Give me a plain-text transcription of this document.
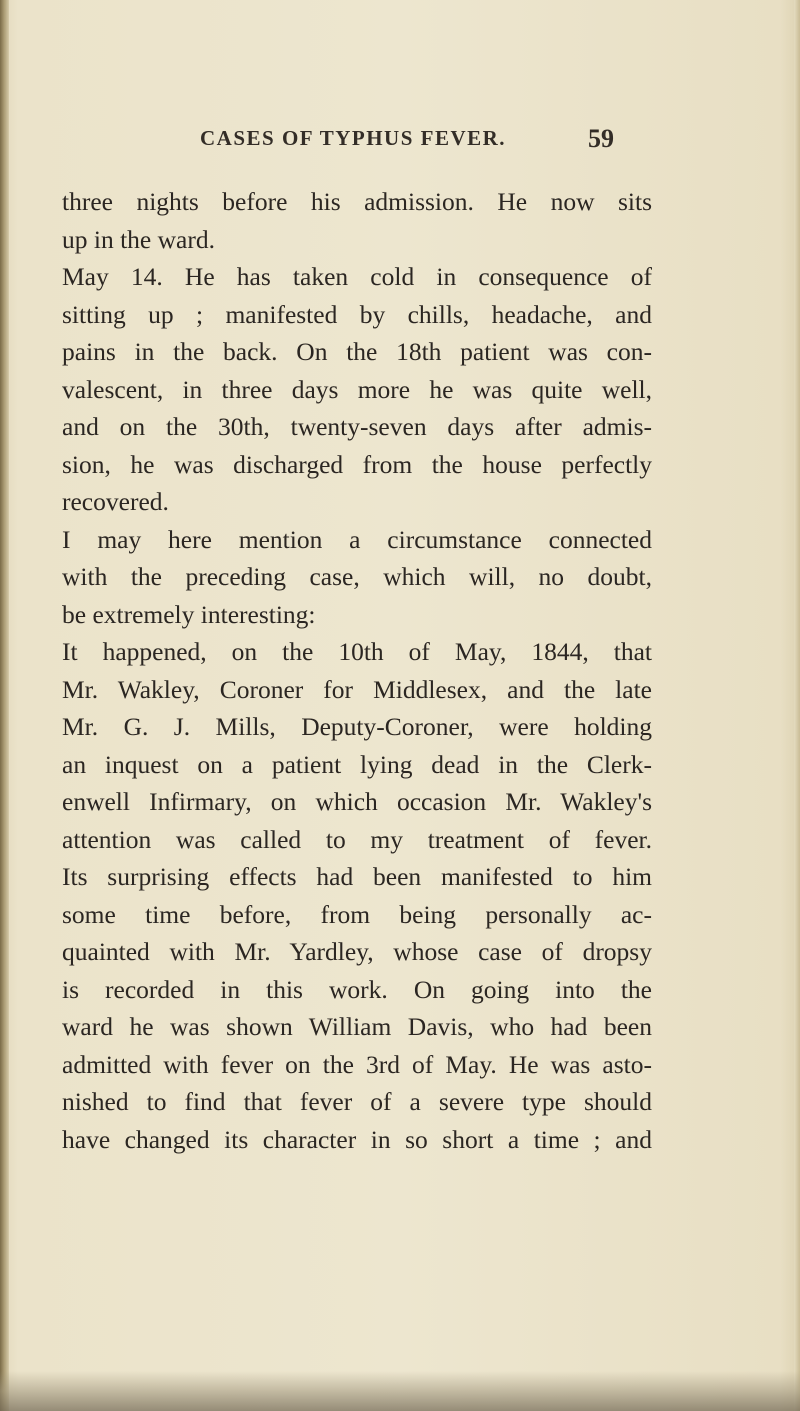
CASES OF TYPHUS FEVER.	59
three nights before his admission. He now sits
up in the ward.
May 14. He has taken cold in consequence of
sitting up ; manifested by chills, headache, and
pains in the back. On the 18th patient was con-
valescent, in three days more he was quite well,
and on the 30th, twenty-seven days after admis-
sion, he was discharged from the house perfectly
recovered.
I may here mention a circumstance connected
with the preceding case, which will, no doubt,
be extremely interesting:
It happened, on the 10th of May, 1844, that
Mr. Wakley, Coroner for Middlesex, and the late
Mr. G. J. Mills, Deputy-Coroner, were holding
an inquest on a patient lying dead in the Clerk-
enwell Infirmary, on which occasion Mr. Wakley's
attention was called to my treatment of fever.
Its surprising effects had been manifested to him
some time before, from being personally ac-
quainted with Mr. Yardley, whose case of dropsy
is recorded in this work. On going into the
ward he was shown William Davis, who had been
admitted with fever on the 3rd of May. He was asto-
nished to find that fever of a severe type should
have changed its character in so short a time ; and
